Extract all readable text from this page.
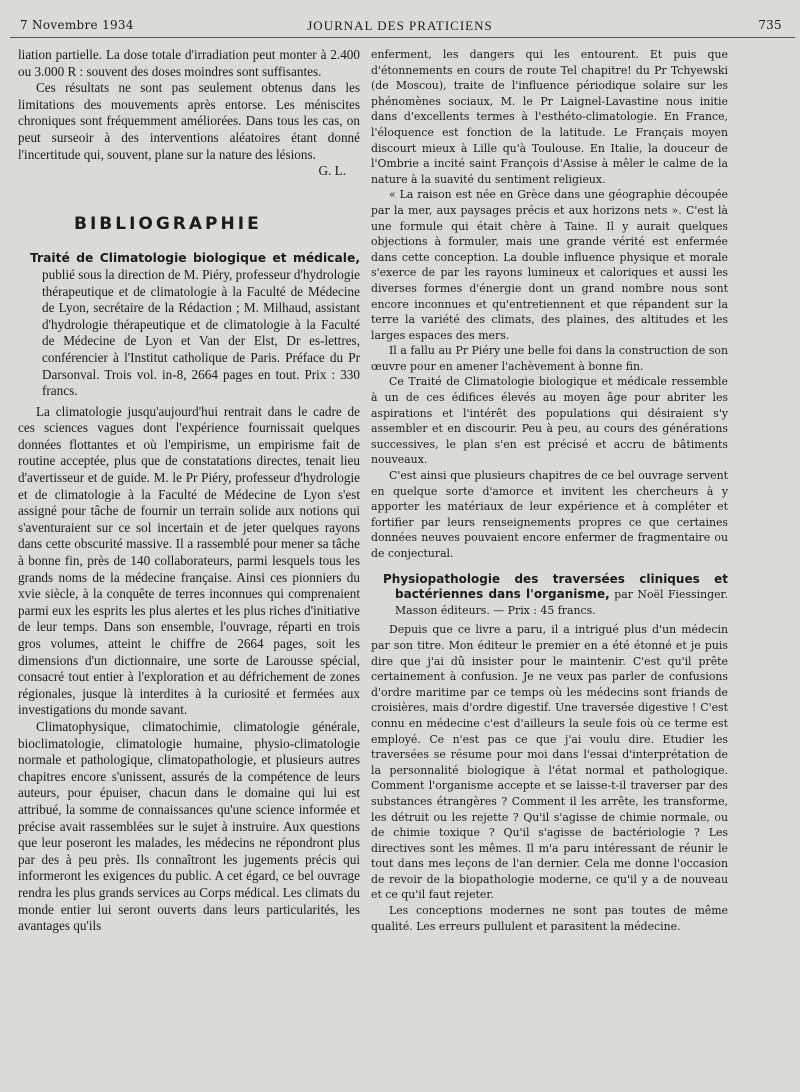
7 Novembre 1934	JOURNAL DES PRATICIENS	735

liation partielle. La dose totale d'irradiation peut monter à 2.400 ou 3.000 R : souvent des doses moindres sont suffisantes.

Ces résultats ne sont pas seulement obtenus dans les limitations des mouvements après entorse. Les méniscites chroniques sont fréquemment améliorées. Dans tous les cas, on peut surseoir à des interventions aléatoires étant donné l'incertitude qui, souvent, plane sur la nature des lésions.

G. L.

BIBLIOGRAPHIE

Traité de Climatologie biologique et médicale, publié sous la direction de M. Piéry, professeur d'hydrologie thérapeutique et de climatologie à la Faculté de Médecine de Lyon, secrétaire de la Rédaction ; M. Milhaud, assistant d'hydrologie thérapeutique et de climatologie à la Faculté de Médecine de Lyon et Van der Elst, Dr es-lettres, conférencier à l'Institut catholique de Paris. Préface du Pr Darsonval. Trois vol. in-8, 2664 pages en tout. Prix : 330 francs.

La climatologie jusqu'aujourd'hui rentrait dans le cadre de ces sciences vagues dont l'expérience fournissait quelques données flottantes et où l'empirisme, un empirisme fait de routine acceptée, plus que de constatations directes, tenait lieu d'avertisseur et de guide. M. le Pr Piéry, professeur d'hydrologie et de climatologie à la Faculté de Médecine de Lyon s'est assigné pour tâche de fournir un terrain solide aux notions qui s'aventuraient sur ce sol incertain et de jeter quelques rayons dans cette obscurité massive. Il a rassemblé pour mener sa tâche à bonne fin, près de 140 collaborateurs, parmi lesquels tous les grands noms de la médecine française. Ainsi ces pionniers du xvie siècle, à la conquête de terres inconnues qui comprenaient parmi eux les esprits les plus alertes et les plus riches d'initiative de leur temps. Dans son ensemble, l'ouvrage, réparti en trois gros volumes, atteint le chiffre de 2664 pages, soit les dimensions d'un dictionnaire, une sorte de Larousse spécial, consacré tout entier à l'exploration et au défrichement de zones régionales, jusque là interdites à la curiosité et fermées aux investigations du monde savant.

Climatophysique, climatochimie, climatologie générale, bioclimatologie, climatologie humaine, physio-climatologie normale et pathologique, climatopathologie, et plusieurs autres chapitres encore s'unissent, assurés de la compétence de leurs auteurs, pour épuiser, chacun dans le domaine qui lui est attribué, la somme de connaissances qu'une science informée et précise avait rassemblées sur le sujet à instruire. Aux questions que leur poseront les malades, les médecins ne répondront plus par des à peu près. Ils connaîtront les jugements précis qui informeront les exigences du public. A cet égard, ce bel ouvrage rendra les plus grands services au Corps médical. Les climats du monde entier lui seront ouverts dans leurs particularités, les avantages qu'ils

enferment, les dangers qui les entourent. Et puis que d'étonnements en cours de route Tel chapitre! du Pr Tchyewski (de Moscou), traite de l'influence périodique solaire sur les phénomènes sociaux, M. le Pr Laignel-Lavastine nous initie dans d'excellents termes à l'esthéto-climatologie. En France, l'éloquence est fonction de la latitude. Le Français moyen discourt mieux à Lille qu'à Toulouse. En Italie, la douceur de l'Ombrie a incité saint François d'Assise à mêler le calme de la nature à la suavité du sentiment religieux.

« La raison est née en Grèce dans une géographie découpée par la mer, aux paysages précis et aux horizons nets ». C'est là une formule qui était chère à Taine. Il y aurait quelques objections à formuler, mais une grande vérité est enfermée dans cette conception. La double influence physique et morale s'exerce de par les rayons lumineux et caloriques et aussi les diverses formes d'énergie dont un grand nombre nous sont encore inconnues et qu'entretiennent et que répandent sur la terre la variété des climats, des plaines, des altitudes et les larges espaces des mers.

Il a fallu au Pr Piéry une belle foi dans la construction de son œuvre pour en amener l'achèvement à bonne fin.

Ce Traité de Climatologie biologique et médicale ressemble à un de ces édifices élevés au moyen âge pour abriter les aspirations et l'intérêt des populations qui désiraient s'y assembler et en discourir. Peu à peu, au cours des générations successives, le plan s'en est précisé et accru de bâtiments nouveaux.

C'est ainsi que plusieurs chapitres de ce bel ouvrage servent en quelque sorte d'amorce et invitent les chercheurs à y apporter les matériaux de leur expérience et à compléter et fortifier par leurs renseignements propres ce que certaines données neuves pouvaient encore enfermer de fragmentaire ou de conjectural.

Physiopathologie des traversées cliniques et bactériennes dans l'organisme, par Noël Fiessinger. Masson éditeurs. — Prix : 45 francs.

Depuis que ce livre a paru, il a intrigué plus d'un médecin par son titre. Mon éditeur le premier en a été étonné et je puis dire que j'ai dû insister pour le maintenir. C'est qu'il prête certainement à confusion. Je ne veux pas parler de confusions d'ordre maritime par ce temps où les médecins sont friands de croisières, mais d'ordre digestif. Une traversée digestive ! C'est connu en médecine c'est d'ailleurs la seule fois où ce terme est employé. Ce n'est pas ce que j'ai voulu dire. Etudier les traversées se résume pour moi dans l'essai d'interprétation de la personnalité biologique à l'état normal et pathologique. Comment l'organisme accepte et se laisse-t-il traverser par des substances étrangères ? Comment il les arrête, les transforme, les détruit ou les rejette ? Qu'il s'agisse de chimie normale, ou de chimie toxique ? Qu'il s'agisse de bactériologie ? Les directives sont les mêmes. Il m'a paru intéressant de réunir le tout dans mes leçons de l'an dernier. Cela me donne l'occasion de revoir de la biopathologie moderne, ce qu'il y a de nouveau et ce qu'il faut rejeter.

Les conceptions modernes ne sont pas toutes de même qualité. Les erreurs pullulent et parasitent la médecine.
